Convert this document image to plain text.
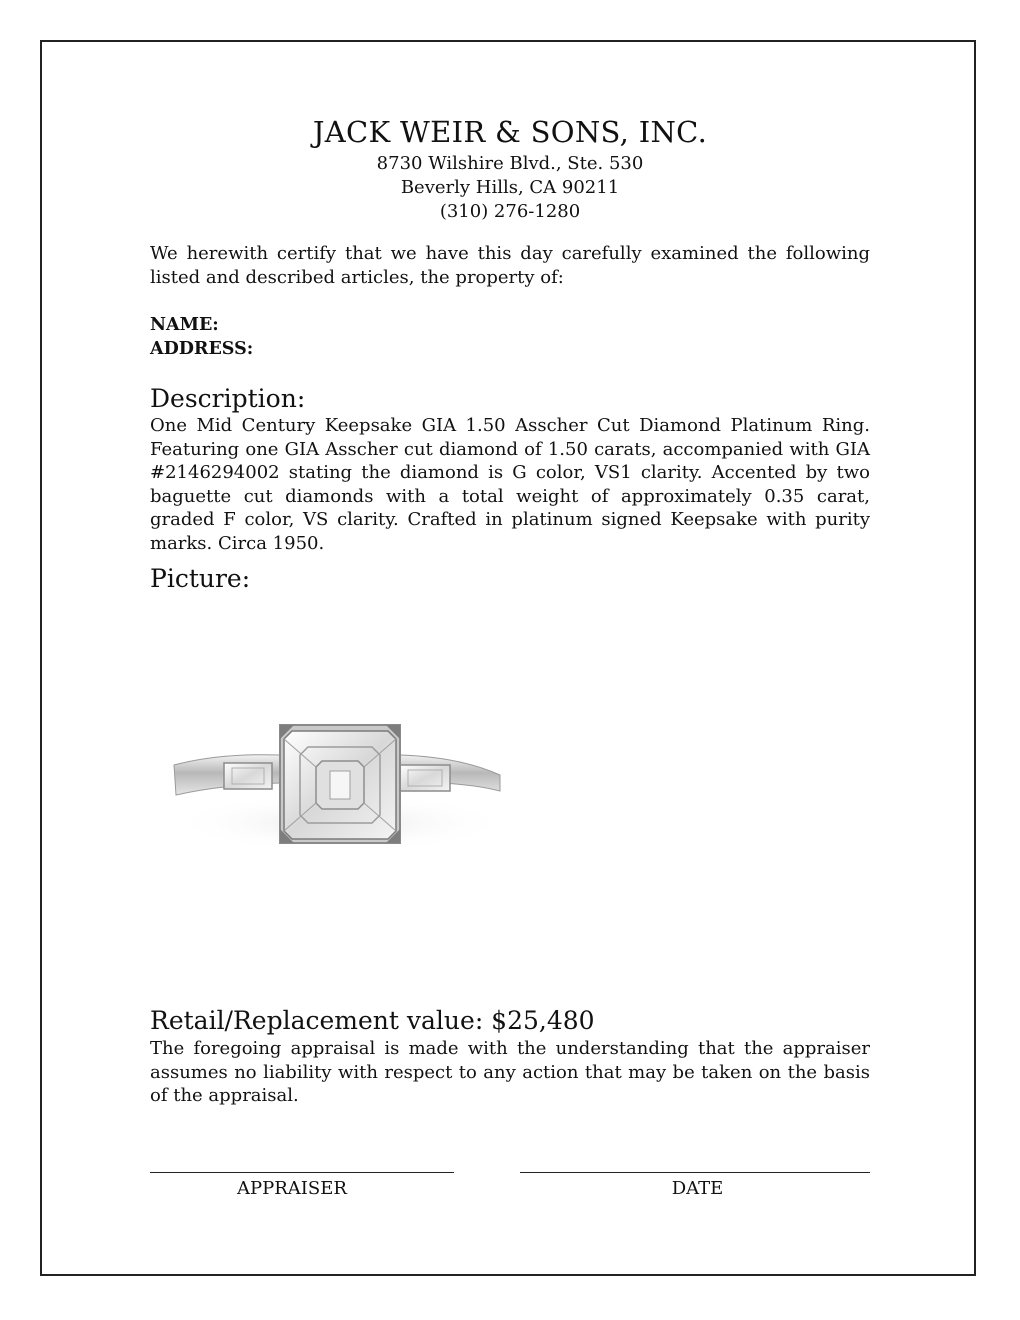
JACK WEIR & SONS, INC.
8730 Wilshire Blvd., Ste. 530
Beverly Hills, CA 90211
(310) 276-1280
We herewith certify that we have this day carefully examined the following listed and described articles, the property of:
NAME:
ADDRESS:
Description:
One Mid Century Keepsake GIA 1.50 Asscher Cut Diamond Platinum Ring. Featuring one GIA Asscher cut diamond of 1.50 carats, accompanied with GIA #2146294002 stating the diamond is G color, VS1 clarity. Accented by two baguette cut diamonds with a total weight of approximately 0.35 carat, graded F color, VS clarity. Crafted in platinum signed Keepsake with purity marks. Circa 1950.
Picture:
Retail/Replacement value: $25,480
The foregoing appraisal is made with the understanding that the appraiser assumes no liability with respect to any action that may be taken on the basis of the appraisal.
APPRAISER	DATE
